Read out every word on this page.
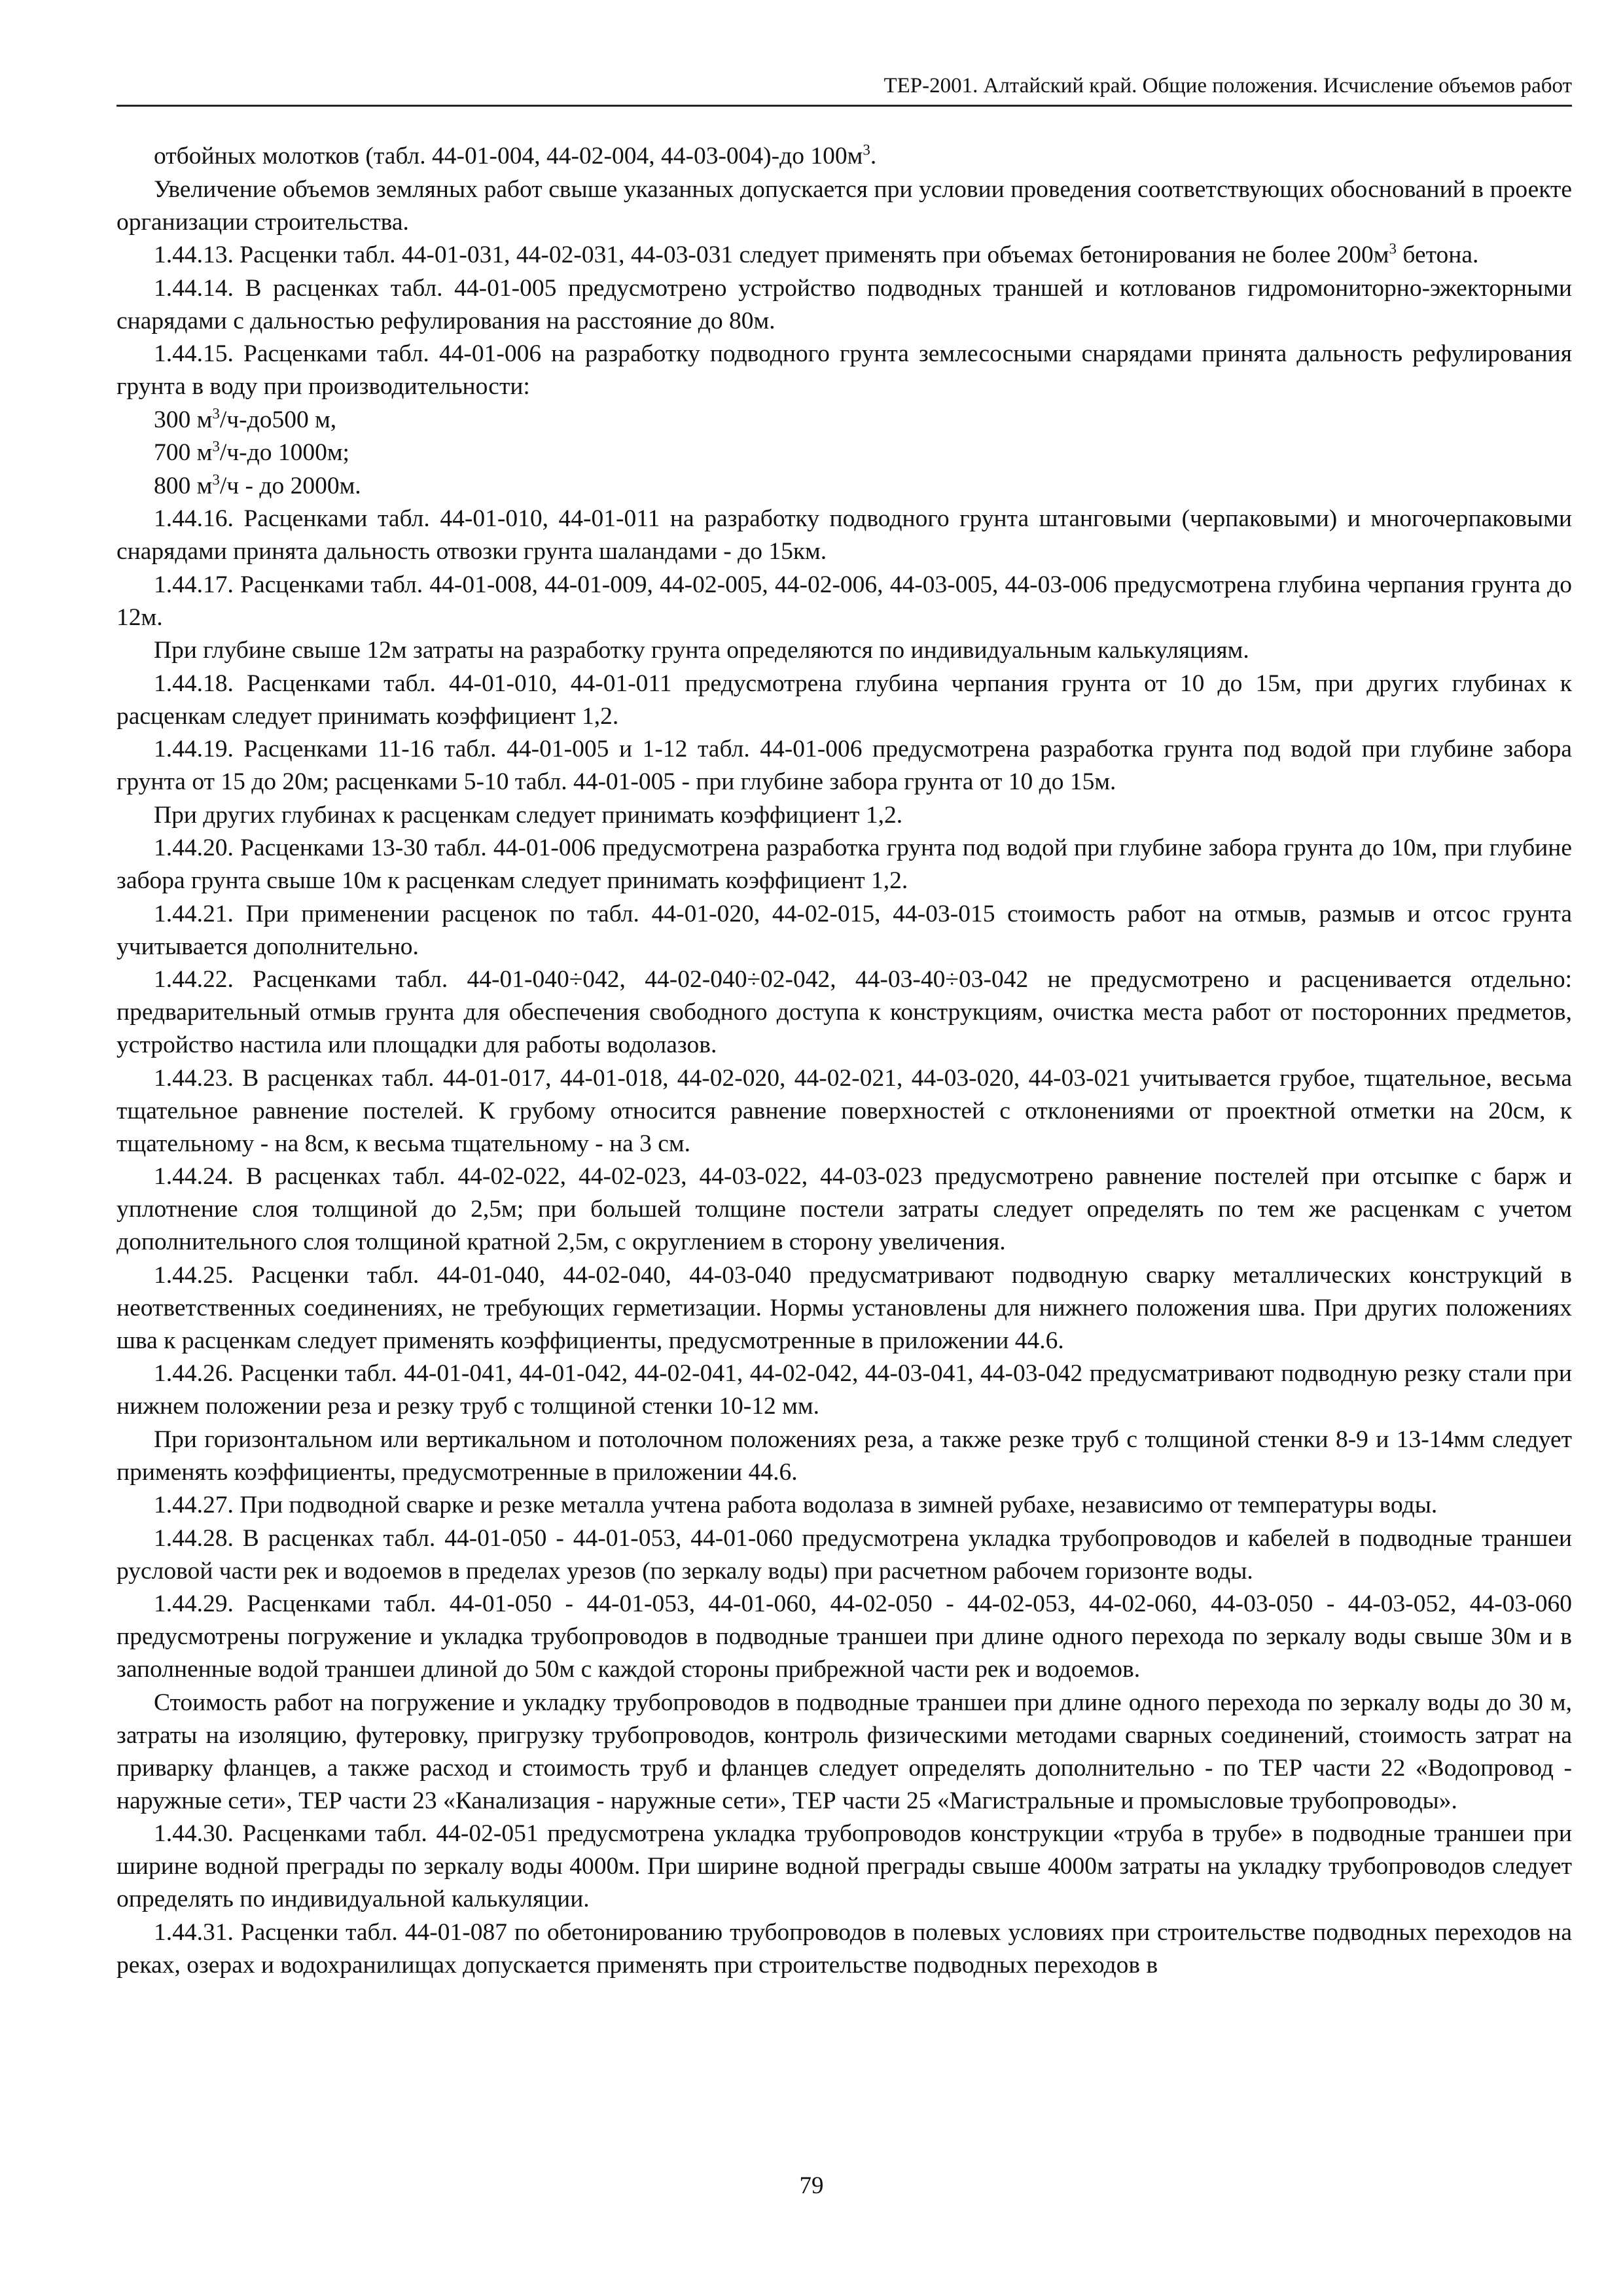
ТЕР-2001. Алтайский край. Общие положения. Исчисление объемов работ

отбойных молотков (табл. 44-01-004, 44-02-004, 44-03-004)-до $100м^3$.

Увеличение объемов земляных работ свыше указанных допускается при условии проведения соответствующих обоснований в проекте организации строительства.

1.44.13. Расценки табл. 44-01-031, 44-02-031, 44-03-031 следует применять при объемах бетонирования не более $200м^3$ бетона.

1.44.14. В расценках табл. 44-01-005 предусмотрено устройство подводных траншей и котлованов гидромониторно-эжекторными снарядами с дальностью рефулирования на расстояние до 80м.

1.44.15. Расценками табл. 44-01-006 на разработку подводного грунта землесосными снарядами принята дальность рефулирования грунта в воду при производительности:

300 $м^3/ч-до500$ м,

700 $м^3/ч-до$ 1000м;

800 $м^3/ч$ - до 2000м.

1.44.16. Расценками табл. 44-01-010, 44-01-011 на разработку подводного грунта штанговыми (черпаковыми) и многочерпаковыми снарядами принята дальность отвозки грунта шаландами - до 15км.

1.44.17. Расценками табл. 44-01-008, 44-01-009, 44-02-005, 44-02-006, 44-03-005, 44-03-006 предусмотрена глубина черпания грунта до 12м.

При глубине свыше 12м затраты на разработку грунта определяются по индивидуальным калькуляциям.

1.44.18. Расценками табл. 44-01-010, 44-01-011 предусмотрена глубина черпания грунта от 10 до 15м, при других глубинах к расценкам следует принимать коэффициент 1,2.

1.44.19. Расценками 11-16 табл. 44-01-005 и 1-12 табл. 44-01-006 предусмотрена разработка грунта под водой при глубине забора грунта от 15 до 20м; расценками 5-10 табл. 44-01-005 - при глубине забора грунта от 10 до 15м.

При других глубинах к расценкам следует принимать коэффициент 1,2.

1.44.20. Расценками 13-30 табл. 44-01-006 предусмотрена разработка грунта под водой при глубине забора грунта до 10м, при глубине забора грунта свыше 10м к расценкам следует принимать коэффициент 1,2.

1.44.21. При применении расценок по табл. 44-01-020, 44-02-015, 44-03-015 стоимость работ на отмыв, размыв и отсос грунта учитывается дополнительно.

1.44.22. Расценками табл. 44-01-040÷042, 44-02-040÷02-042, 44-03-40÷03-042 не предусмотрено и расценивается отдельно: предварительный отмыв грунта для обеспечения свободного доступа к конструкциям, очистка места работ от посторонних предметов, устройство настила или площадки для работы водолазов.

1.44.23. В расценках табл. 44-01-017, 44-01-018, 44-02-020, 44-02-021, 44-03-020, 44-03-021 учитывается грубое, тщательное, весьма тщательное равнение постелей. К грубому относится равнение поверхностей с отклонениями от проектной отметки на 20см, к тщательному - на 8см, к весьма тщательному - на 3 см.

1.44.24. В расценках табл. 44-02-022, 44-02-023, 44-03-022, 44-03-023 предусмотрено равнение постелей при отсыпке с барж и уплотнение слоя толщиной до 2,5м; при большей толщине постели затраты следует определять по тем же расценкам с учетом дополнительного слоя толщиной кратной 2,5м, с округлением в сторону увеличения.

1.44.25. Расценки табл. 44-01-040, 44-02-040, 44-03-040 предусматривают подводную сварку металлических конструкций в неответственных соединениях, не требующих герметизации. Нормы установлены для нижнего положения шва. При других положениях шва к расценкам следует применять коэффициенты, предусмотренные в приложении 44.6.

1.44.26. Расценки табл. 44-01-041, 44-01-042, 44-02-041, 44-02-042, 44-03-041, 44-03-042 предусматривают подводную резку стали при нижнем положении реза и резку труб с толщиной стенки 10-12 мм.

При горизонтальном или вертикальном и потолочном положениях реза, а также резке труб с толщиной стенки 8-9 и 13-14мм следует применять коэффициенты, предусмотренные в приложении 44.6.

1.44.27. При подводной сварке и резке металла учтена работа водолаза в зимней рубахе, независимо от температуры воды.

1.44.28. В расценках табл. 44-01-050 - 44-01-053, 44-01-060 предусмотрена укладка трубопроводов и кабелей в подводные траншеи русловой части рек и водоемов в пределах урезов (по зеркалу воды) при расчетном рабочем горизонте воды.

1.44.29. Расценками табл. 44-01-050 - 44-01-053, 44-01-060, 44-02-050 - 44-02-053, 44-02-060, 44-03-050 - 44-03-052, 44-03-060 предусмотрены погружение и укладка трубопроводов в подводные траншеи при длине одного перехода по зеркалу воды свыше 30м и в заполненные водой траншеи длиной до 50м с каждой стороны прибрежной части рек и водоемов.

Стоимость работ на погружение и укладку трубопроводов в подводные траншеи при длине одного перехода по зеркалу воды до 30 м, затраты на изоляцию, футеровку, пригрузку трубопроводов, контроль физическими методами сварных соединений, стоимость затрат на приварку фланцев, а также расход и стоимость труб и фланцев следует определять дополнительно - по ТЕР части 22 «Водопровод - наружные сети», ТЕР части 23 «Канализация - наружные сети», ТЕР части 25 «Магистральные и промысловые трубопроводы».

1.44.30. Расценками табл. 44-02-051 предусмотрена укладка трубопроводов конструкции «труба в трубе» в подводные траншеи при ширине водной преграды по зеркалу воды 4000м. При ширине водной преграды свыше 4000м затраты на укладку трубопроводов следует определять по индивидуальной калькуляции.

1.44.31. Расценки табл. 44-01-087 по обетонированию трубопроводов в полевых условиях при строительстве подводных переходов на реках, озерах и водохранилищах допускается применять при строительстве подводных переходов в

79
